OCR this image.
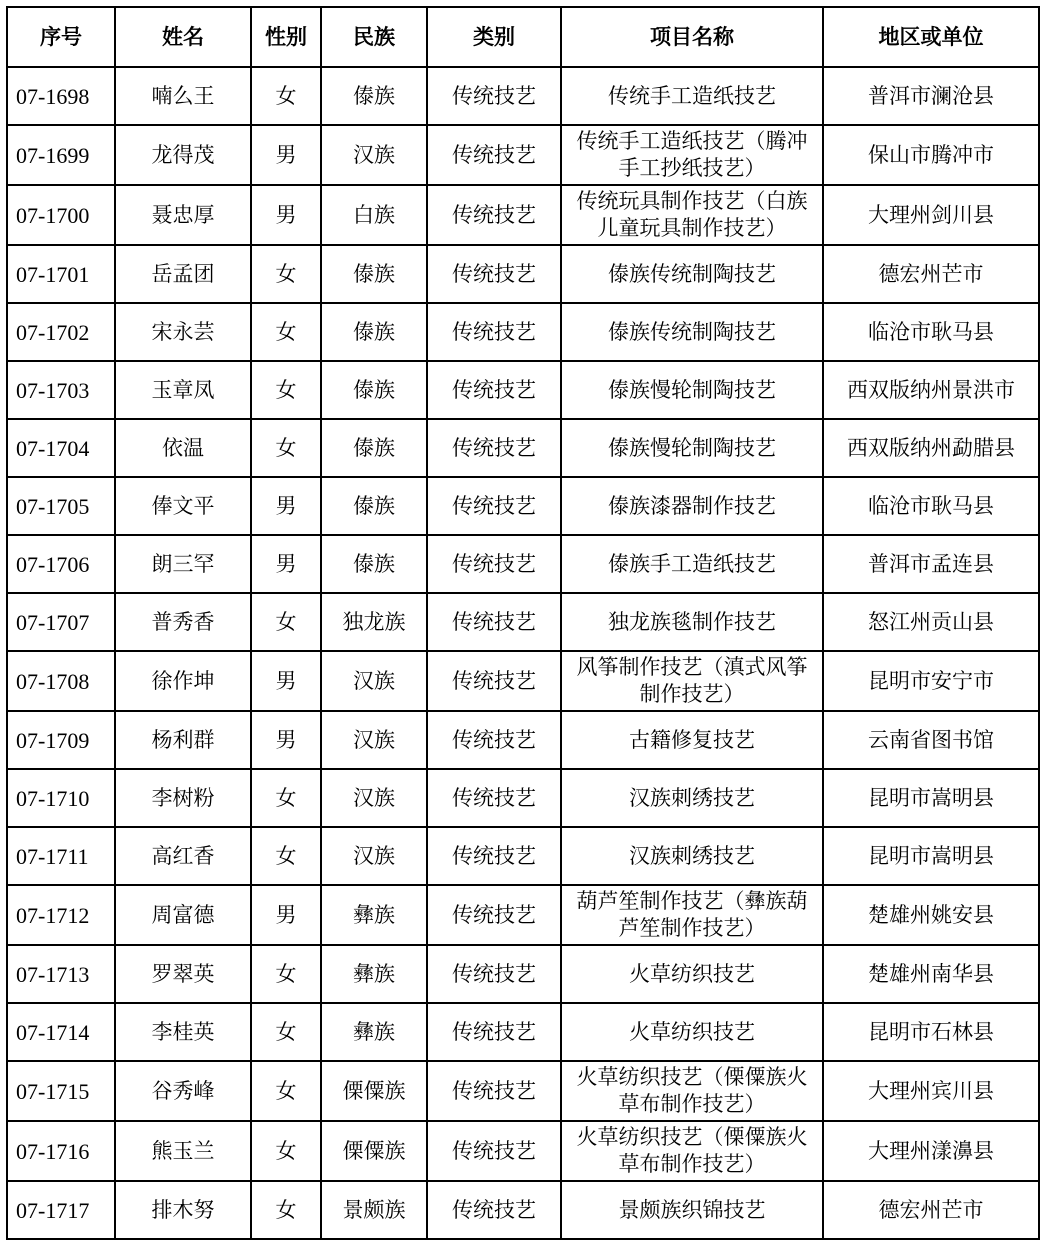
序号	姓名	性别	民族	类别	项目名称	地区或单位
07-1698	喃么王	女	傣族	传统技艺	传统手工造纸技艺	普洱市澜沧县
07-1699	龙得茂	男	汉族	传统技艺	传统手工造纸技艺（腾冲手工抄纸技艺）	保山市腾冲市
07-1700	聂忠厚	男	白族	传统技艺	传统玩具制作技艺（白族儿童玩具制作技艺）	大理州剑川县
07-1701	岳孟团	女	傣族	传统技艺	傣族传统制陶技艺	德宏州芒市
07-1702	宋永芸	女	傣族	传统技艺	傣族传统制陶技艺	临沧市耿马县
07-1703	玉章凤	女	傣族	传统技艺	傣族慢轮制陶技艺	西双版纳州景洪市
07-1704	依温	女	傣族	传统技艺	傣族慢轮制陶技艺	西双版纳州勐腊县
07-1705	俸文平	男	傣族	传统技艺	傣族漆器制作技艺	临沧市耿马县
07-1706	朗三罕	男	傣族	传统技艺	傣族手工造纸技艺	普洱市孟连县
07-1707	普秀香	女	独龙族	传统技艺	独龙族毯制作技艺	怒江州贡山县
07-1708	徐作坤	男	汉族	传统技艺	风筝制作技艺（滇式风筝制作技艺）	昆明市安宁市
07-1709	杨利群	男	汉族	传统技艺	古籍修复技艺	云南省图书馆
07-1710	李树粉	女	汉族	传统技艺	汉族刺绣技艺	昆明市嵩明县
07-1711	高红香	女	汉族	传统技艺	汉族刺绣技艺	昆明市嵩明县
07-1712	周富德	男	彝族	传统技艺	葫芦笙制作技艺（彝族葫芦笙制作技艺）	楚雄州姚安县
07-1713	罗翠英	女	彝族	传统技艺	火草纺织技艺	楚雄州南华县
07-1714	李桂英	女	彝族	传统技艺	火草纺织技艺	昆明市石林县
07-1715	谷秀峰	女	傈僳族	传统技艺	火草纺织技艺（傈僳族火草布制作技艺）	大理州宾川县
07-1716	熊玉兰	女	傈僳族	传统技艺	火草纺织技艺（傈僳族火草布制作技艺）	大理州漾濞县
07-1717	排木努	女	景颇族	传统技艺	景颇族织锦技艺	德宏州芒市
